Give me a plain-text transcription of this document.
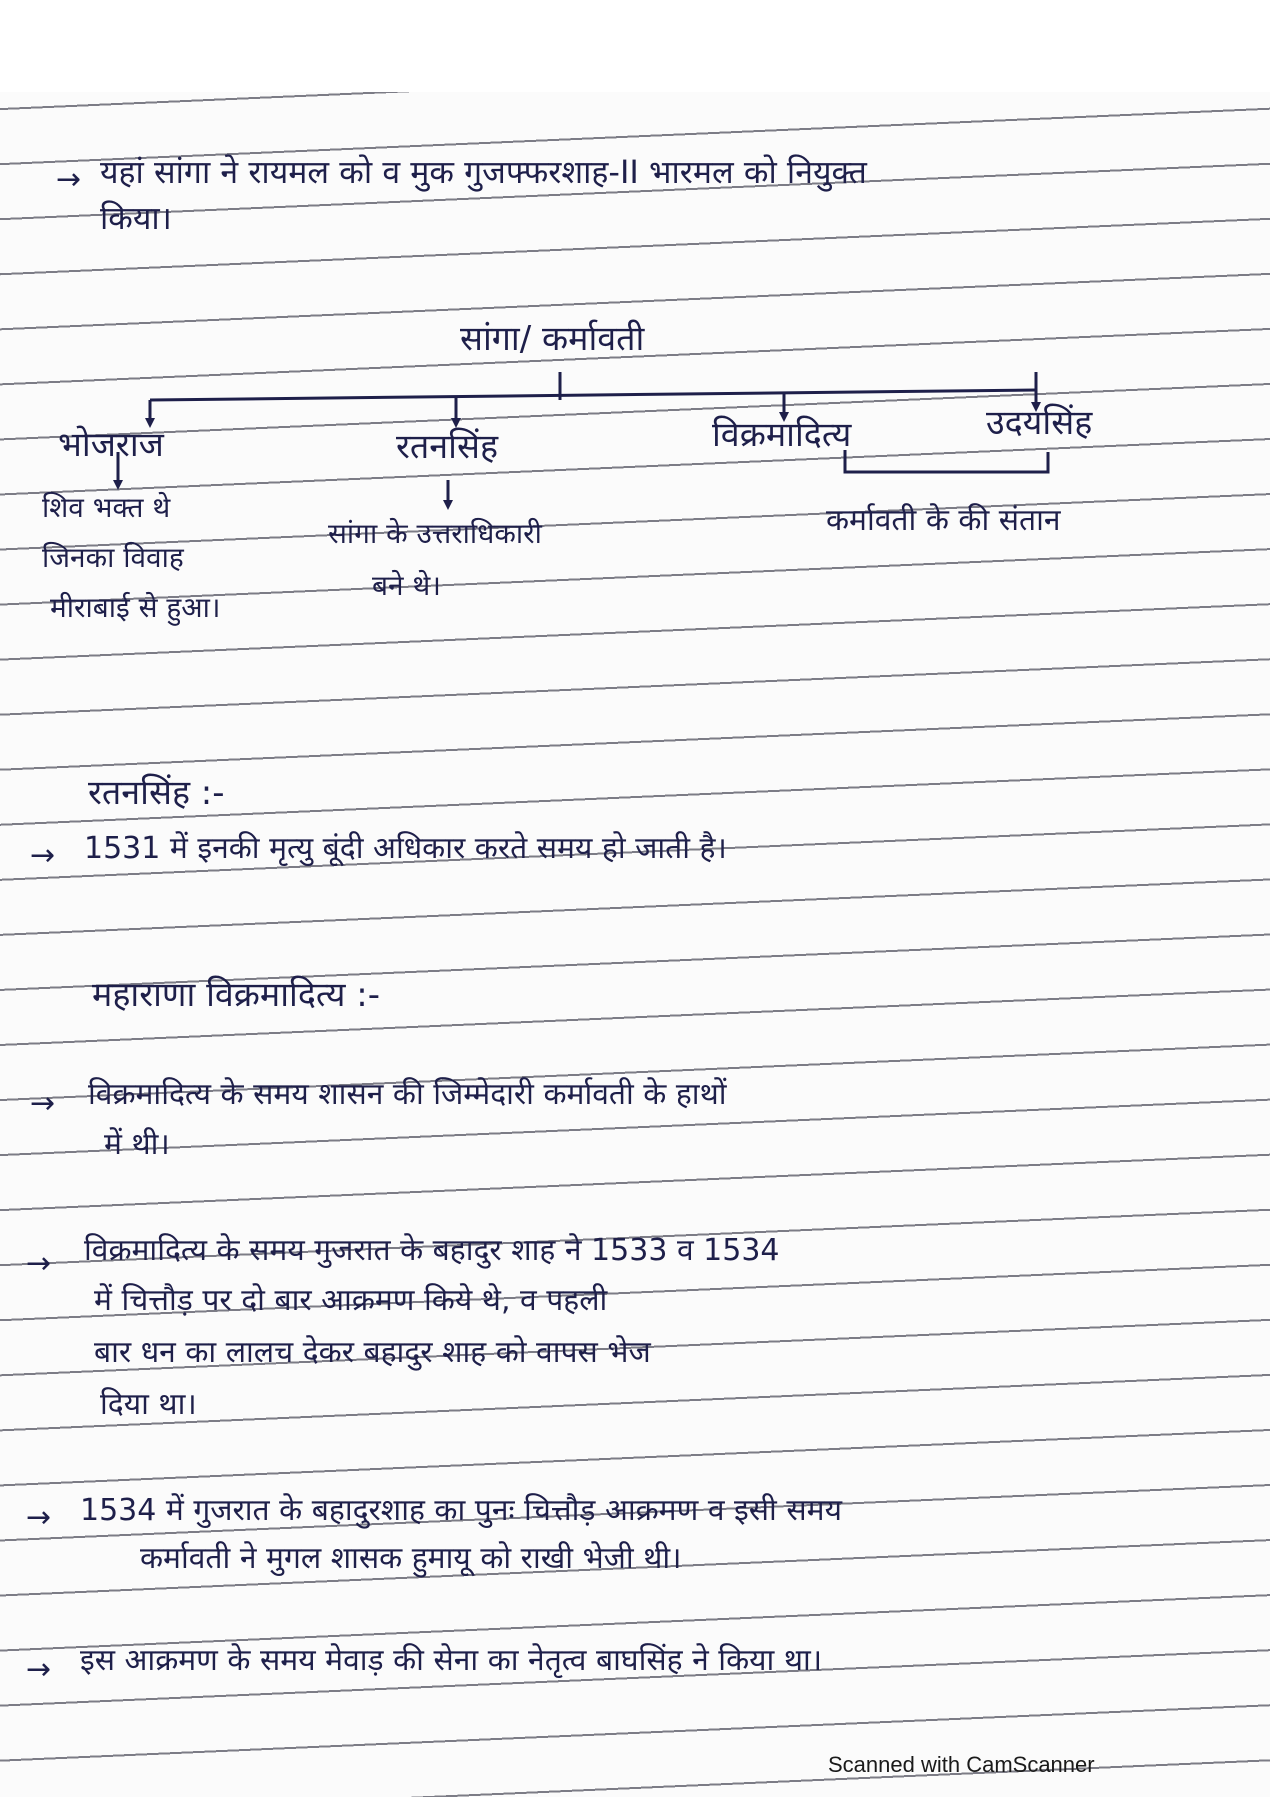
→ यहां सांगा ने रायमल को व मुक गुजफ्फरशाह-II भारमल को नियुक्त
किया।
सांगा/ कर्मावती
भोजराज	रतनसिंह	विक्रमादित्य	उदयसिंह
शिव भक्त थे
जिनका विवाह
मीराबाई से हुआ।
सांगा के उत्तराधिकारी
बने थे।
कर्मावती के की संतान
रतनसिंह :-
→ 1531 में इनकी मृत्यु बूंदी अधिकार करते समय हो जाती है।
महाराणा विक्रमादित्य :-
→ विक्रमादित्य के समय शासन की जिम्मेदारी कर्मावती के हाथों
में थी।
→ विक्रमादित्य के समय गुजरात के बहादुर शाह ने 1533 व 1534
में चित्तौड़ पर दो बार आक्रमण किये थे, व पहली
बार धन का लालच देकर बहादुर शाह को वापस भेज
दिया था।
→ 1534 में गुजरात के बहादुरशाह का पुनः चित्तौड़ आक्रमण व इसी समय
कर्मावती ने मुगल शासक हुमायू को राखी भेजी थी।
→ इस आक्रमण के समय मेवाड़ की सेना का नेतृत्व बाघसिंह ने किया था।
Scanned with CamScanner
